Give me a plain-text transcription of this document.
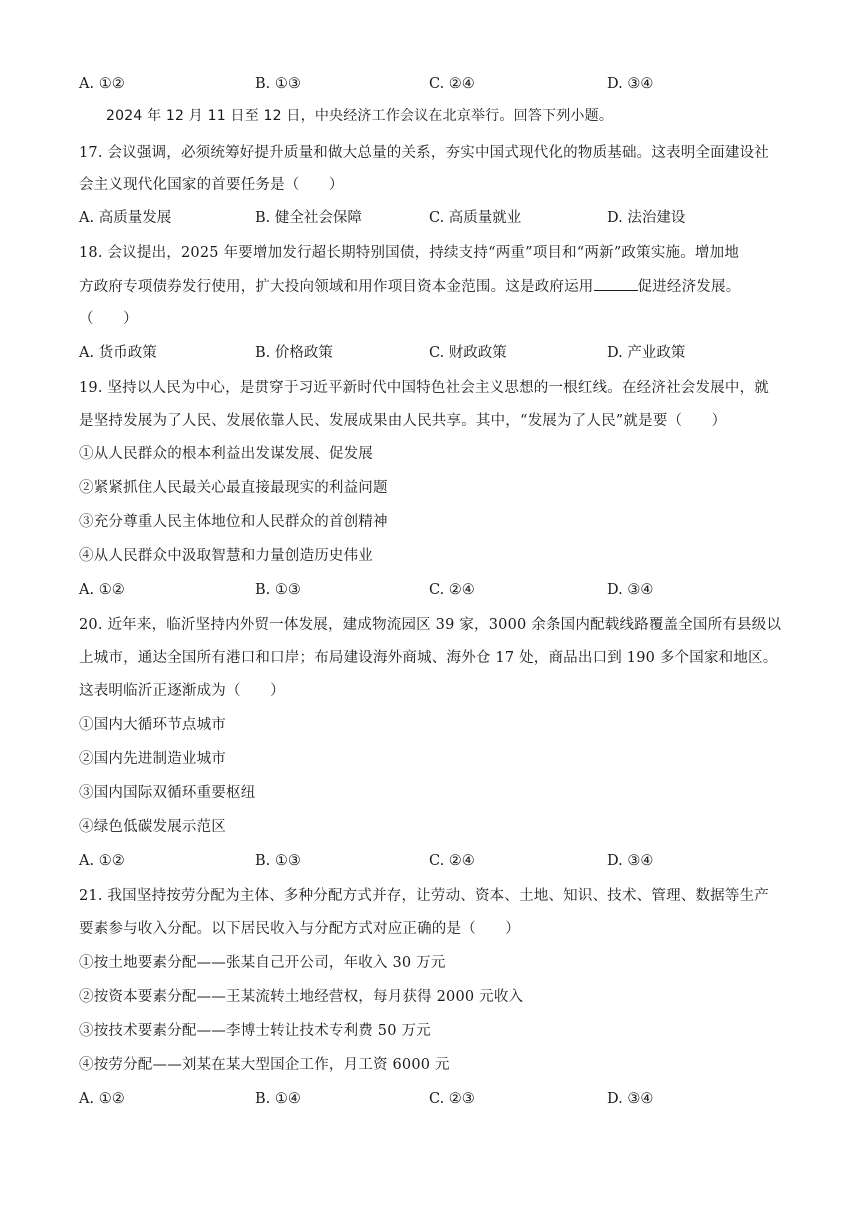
A. ①②	B. ①③	C. ②④	D. ③④
2024 年 12 月 11 日至 12 日，中央经济工作会议在北京举行。回答下列小题。
17. 会议强调，必须统筹好提升质量和做大总量的关系，夯实中国式现代化的物质基础。这表明全面建设社
会主义现代化国家的首要任务是（　　）
A. 高质量发展	B. 健全社会保障	C. 高质量就业	D. 法治建设
18. 会议提出，2025 年要增加发行超长期特别国债，持续支持“两重”项目和“两新”政策实施。增加地
方政府专项债券发行使用，扩大投向领域和用作项目资本金范围。这是政府运用	促进经济发展。
（　　）
A. 货币政策	B. 价格政策	C. 财政政策	D. 产业政策
19. 坚持以人民为中心，是贯穿于习近平新时代中国特色社会主义思想的一根红线。在经济社会发展中，就
是坚持发展为了人民、发展依靠人民、发展成果由人民共享。其中，“发展为了人民”就是要（　　）
①从人民群众的根本利益出发谋发展、促发展
②紧紧抓住人民最关心最直接最现实的利益问题
③充分尊重人民主体地位和人民群众的首创精神
④从人民群众中汲取智慧和力量创造历史伟业
A. ①②	B. ①③	C. ②④	D. ③④
20. 近年来，临沂坚持内外贸一体发展，建成物流园区 39 家，3000 余条国内配载线路覆盖全国所有县级以
上城市，通达全国所有港口和口岸；布局建设海外商城、海外仓 17 处，商品出口到 190 多个国家和地区。
这表明临沂正逐渐成为（　　）
①国内大循环节点城市
②国内先进制造业城市
③国内国际双循环重要枢纽
④绿色低碳发展示范区
A. ①②	B. ①③	C. ②④	D. ③④
21. 我国坚持按劳分配为主体、多种分配方式并存，让劳动、资本、土地、知识、技术、管理、数据等生产
要素参与收入分配。以下居民收入与分配方式对应正确的是（　　）
①按土地要素分配——张某自己开公司，年收入 30 万元
②按资本要素分配——王某流转土地经营权，每月获得 2000 元收入
③按技术要素分配——李博士转让技术专利费 50 万元
④按劳分配——刘某在某大型国企工作，月工资 6000 元
A. ①②	B. ①④	C. ②③	D. ③④
